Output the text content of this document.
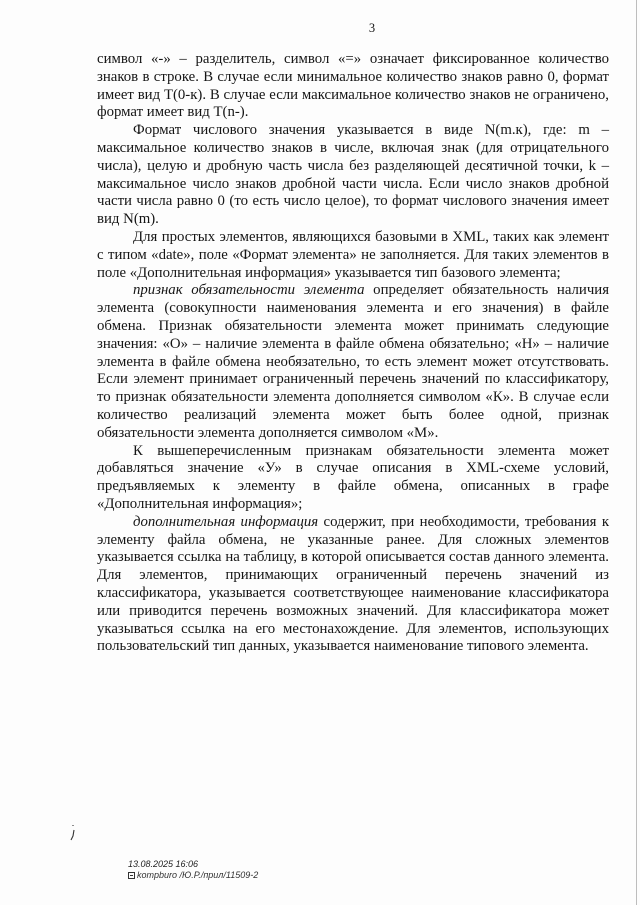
3

символ «-» – разделитель, символ «=» означает фиксированное количество знаков в строке. В случае если минимальное количество знаков равно 0, формат имеет вид Т(0-к). В случае если максимальное количество знаков не ограничено, формат имеет вид Т(n-).

Формат числового значения указывается в виде N(m.к), где: m – максимальное количество знаков в числе, включая знак (для отрицательного числа), целую и дробную часть числа без разделяющей десятичной точки, k – максимальное число знаков дробной части числа. Если число знаков дробной части числа равно 0 (то есть число целое), то формат числового значения имеет вид N(m).

Для простых элементов, являющихся базовыми в XML, таких как элемент с типом «date», поле «Формат элемента» не заполняется. Для таких элементов в поле «Дополнительная информация» указывается тип базового элемента;

признак обязательности элемента определяет обязательность наличия элемента (совокупности наименования элемента и его значения) в файле обмена. Признак обязательности элемента может принимать следующие значения: «О» – наличие элемента в файле обмена обязательно; «Н» – наличие элемента в файле обмена необязательно, то есть элемент может отсутствовать. Если элемент принимает ограниченный перечень значений по классификатору, то признак обязательности элемента дополняется символом «К». В случае если количество реализаций элемента может быть более одной, признак обязательности элемента дополняется символом «М».

К вышеперечисленным признакам обязательности элемента может добавляться значение «У» в случае описания в XML-схеме условий, предъявляемых к элементу в файле обмена, описанных в графе «Дополнительная информация»;

дополнительная информация содержит, при необходимости, требования к элементу файла обмена, не указанные ранее. Для сложных элементов указывается ссылка на таблицу, в которой описывается состав данного элемента. Для элементов, принимающих ограниченный перечень значений из классификатора, указывается соответствующее наименование классификатора или приводится перечень возможных значений. Для классификатора может указываться ссылка на его местонахождение. Для элементов, использующих пользовательский тип данных, указывается наименование типового элемента.

13.08.2025 16:06
kompburo /Ю.Р./прил/11509-2
